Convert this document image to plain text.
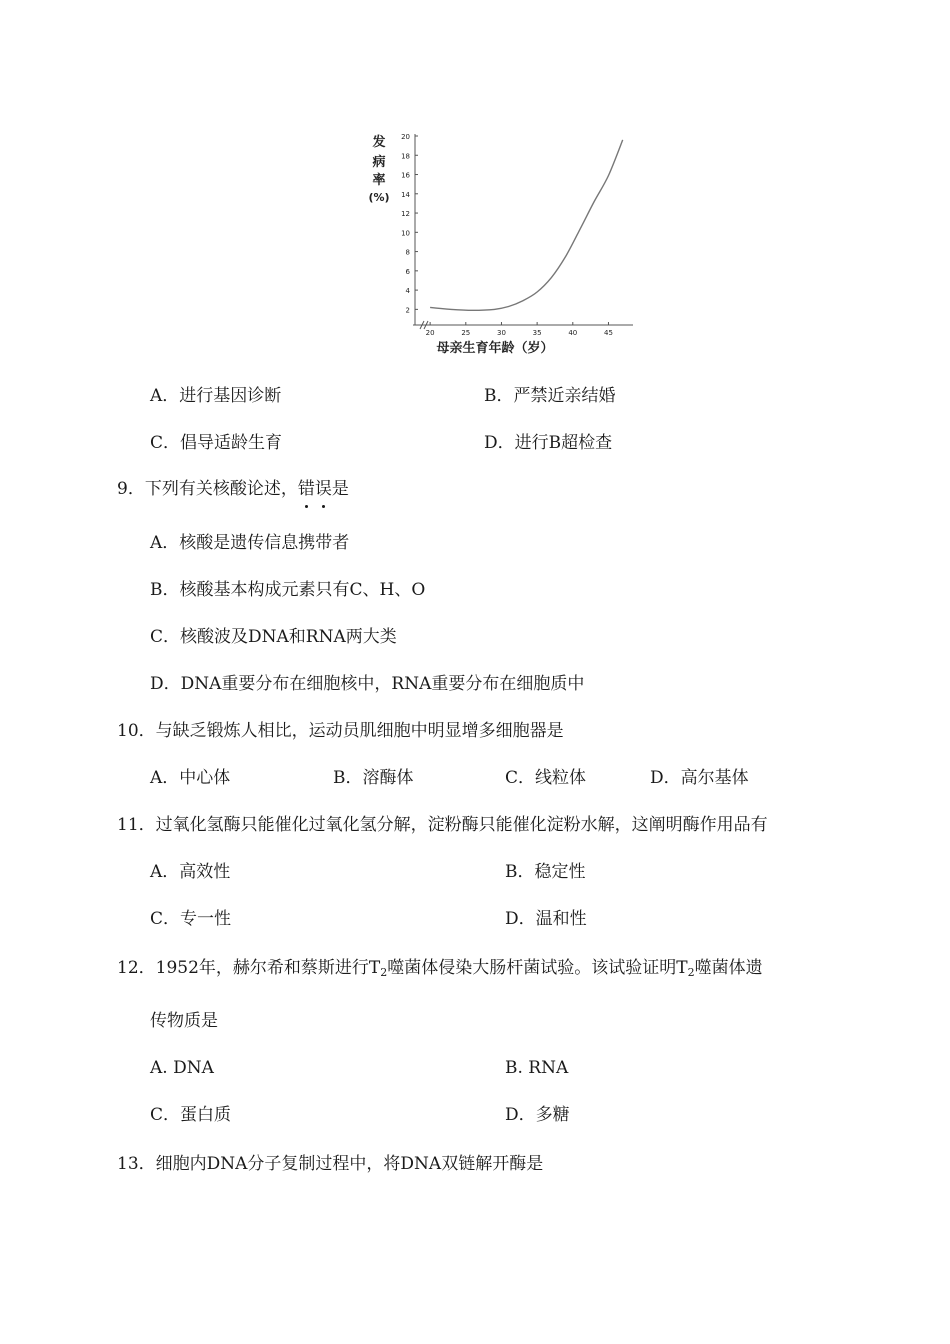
发
病
率
(%)
2
4
6
8
10
12
14
16
18
20
20	25	30	35	40	45
母亲生育年龄（岁）
A．进行基因诊断	B．严禁近亲结婚
C．倡导适龄生育	D．进行B超检查
9．下列有关核酸论述，错
误
是
A．核酸是遗传信息携带者
B．核酸基本构成元素只有C、H、O
C．核酸波及DNA和RNA两大类
D．DNA重要分布在细胞核中，RNA重要分布在细胞质中
10．与缺乏锻炼人相比，运动员肌细胞中明显增多细胞器是
A．中心体	B．溶酶体	C．线粒体	D．高尔基体
11．过氧化氢酶只能催化过氧化氢分解，淀粉酶只能催化淀粉水解，这阐明酶作用品有
A．高效性	B．稳定性
C．专一性	D．温和性
12．1952年，赫尔希和蔡斯进行$T_2$噬菌体侵染大肠杆菌试验。该试验证明$T_2$噬菌体遗
传物质是
A. DNA	B. RNA
C．蛋白质	D．多糖
13．细胞内DNA分子复制过程中，将DNA双链解开酶是
